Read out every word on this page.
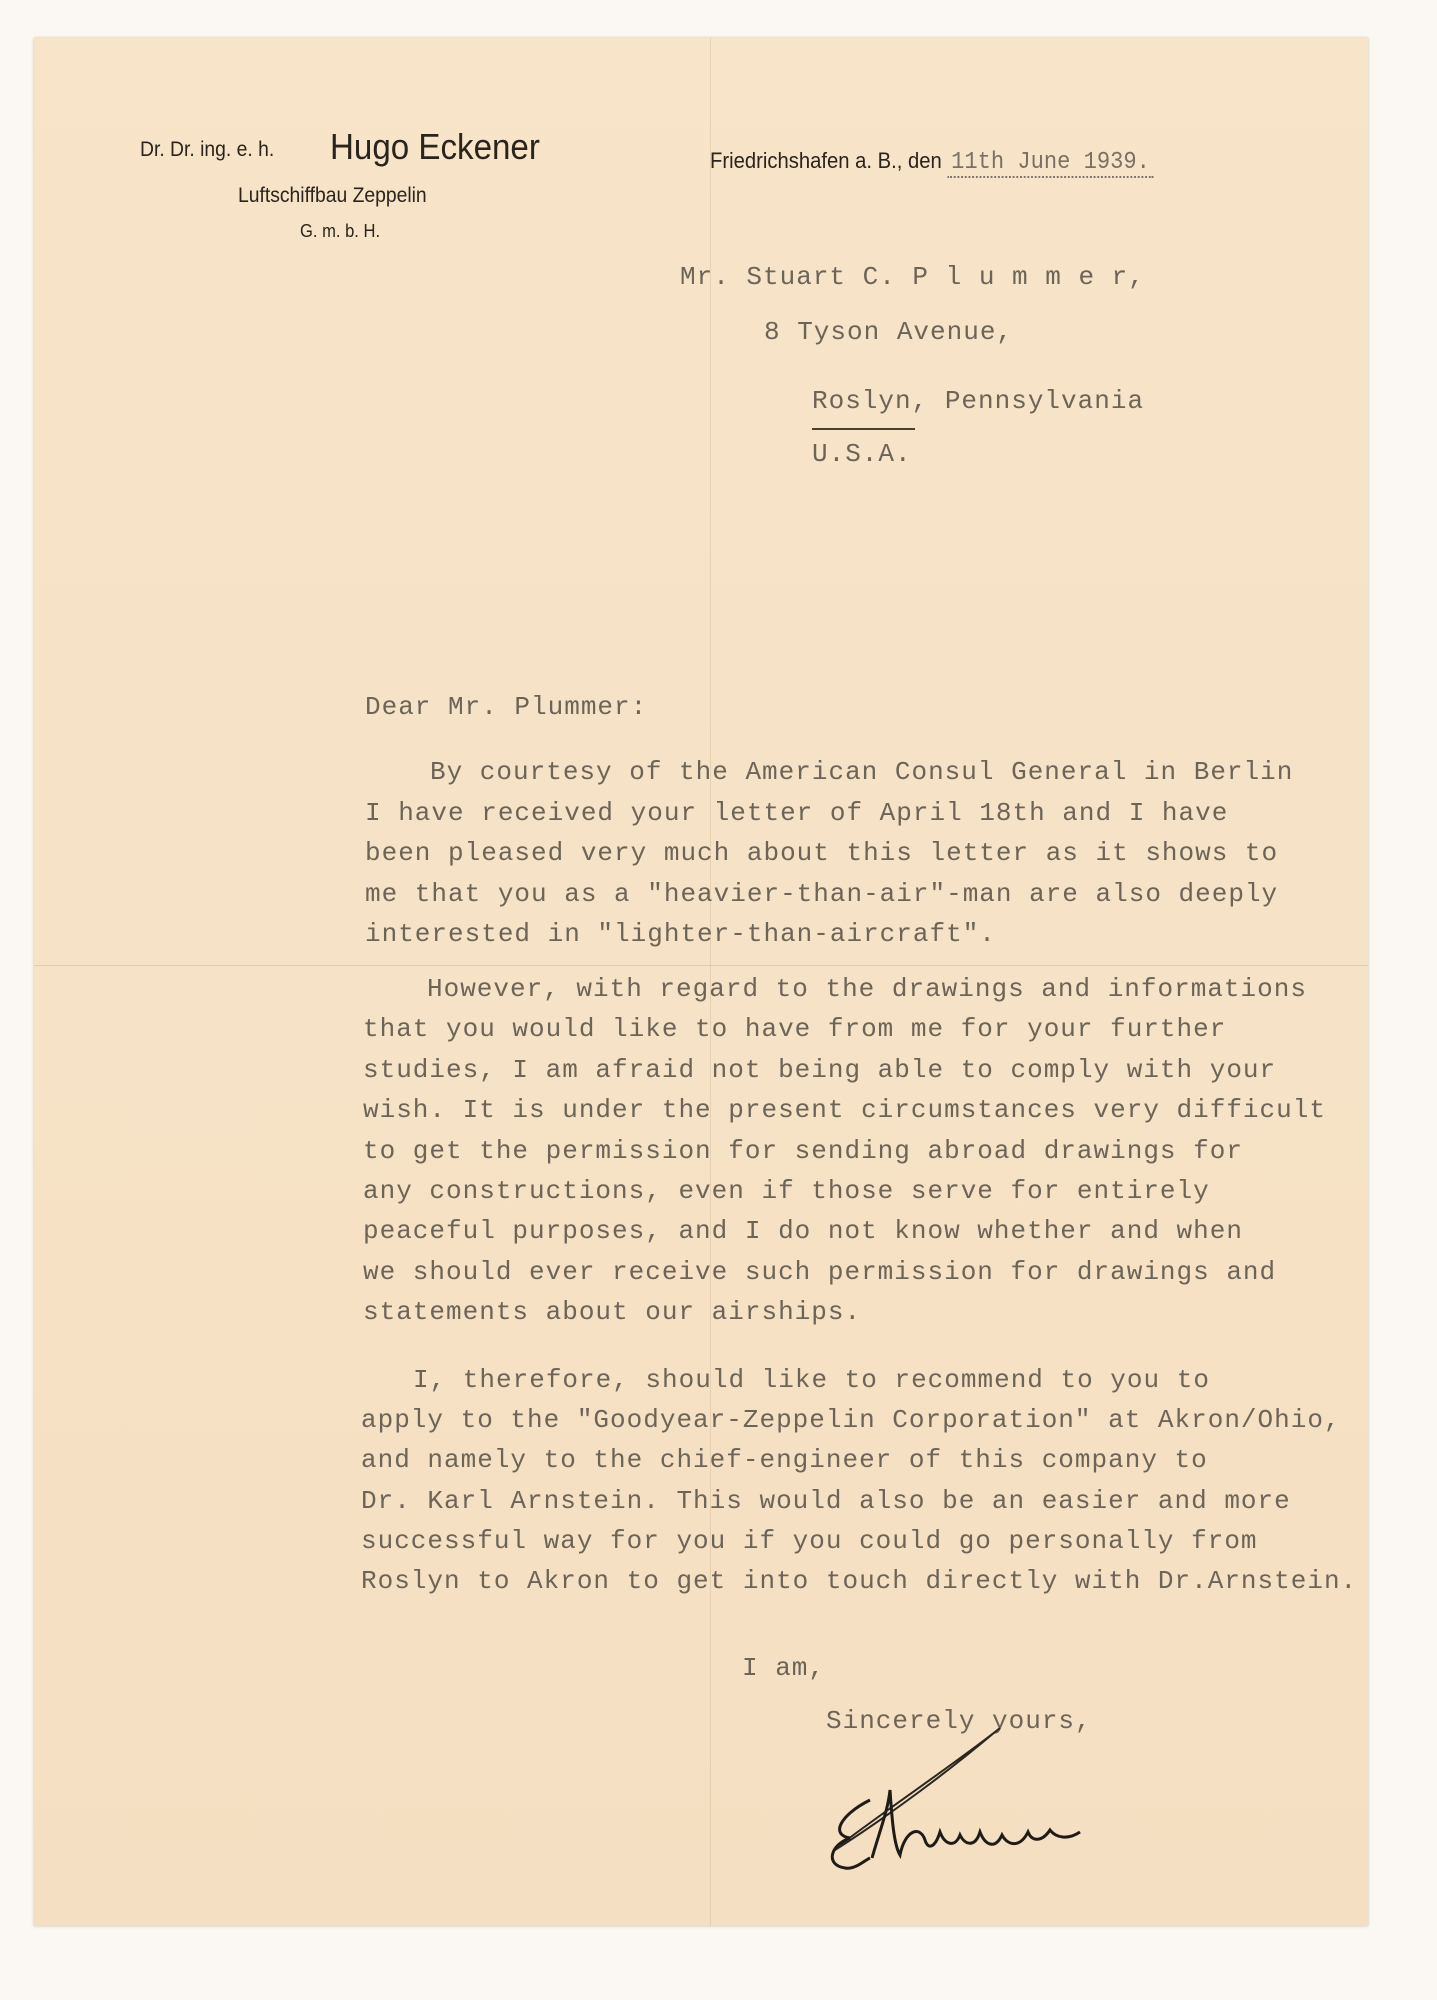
Dr. Dr. ing. e. h. Hugo Eckener
Luftschiffbau Zeppelin
G. m. b. H.
Friedrichshafen a. B., den 11th June 1939.
Mr. Stuart C. P l u m m e r,
8 Tyson Avenue,
Roslyn, Pennsylvania
U.S.A.
Dear Mr. Plummer:
By courtesy of the American Consul General in Berlin
I have received your letter of April 18th and I have
been pleased very much about this letter as it shows to
me that you as a "heavier-than-air"-man are also deeply
interested in "lighter-than-aircraft".
However, with regard to the drawings and informations
that you would like to have from me for your further
studies, I am afraid not being able to comply with your
wish. It is under the present circumstances very difficult
to get the permission for sending abroad drawings for
any constructions, even if those serve for entirely
peaceful purposes, and I do not know whether and when
we should ever receive such permission for drawings and
statements about our airships.
I, therefore, should like to recommend to you to
apply to the "Goodyear-Zeppelin Corporation" at Akron/Ohio,
and namely to the chief-engineer of this company to
Dr. Karl Arnstein. This would also be an easier and more
successful way for you if you could go personally from
Roslyn to Akron to get into touch directly with Dr.Arnstein.
I am,
Sincerely yours,
